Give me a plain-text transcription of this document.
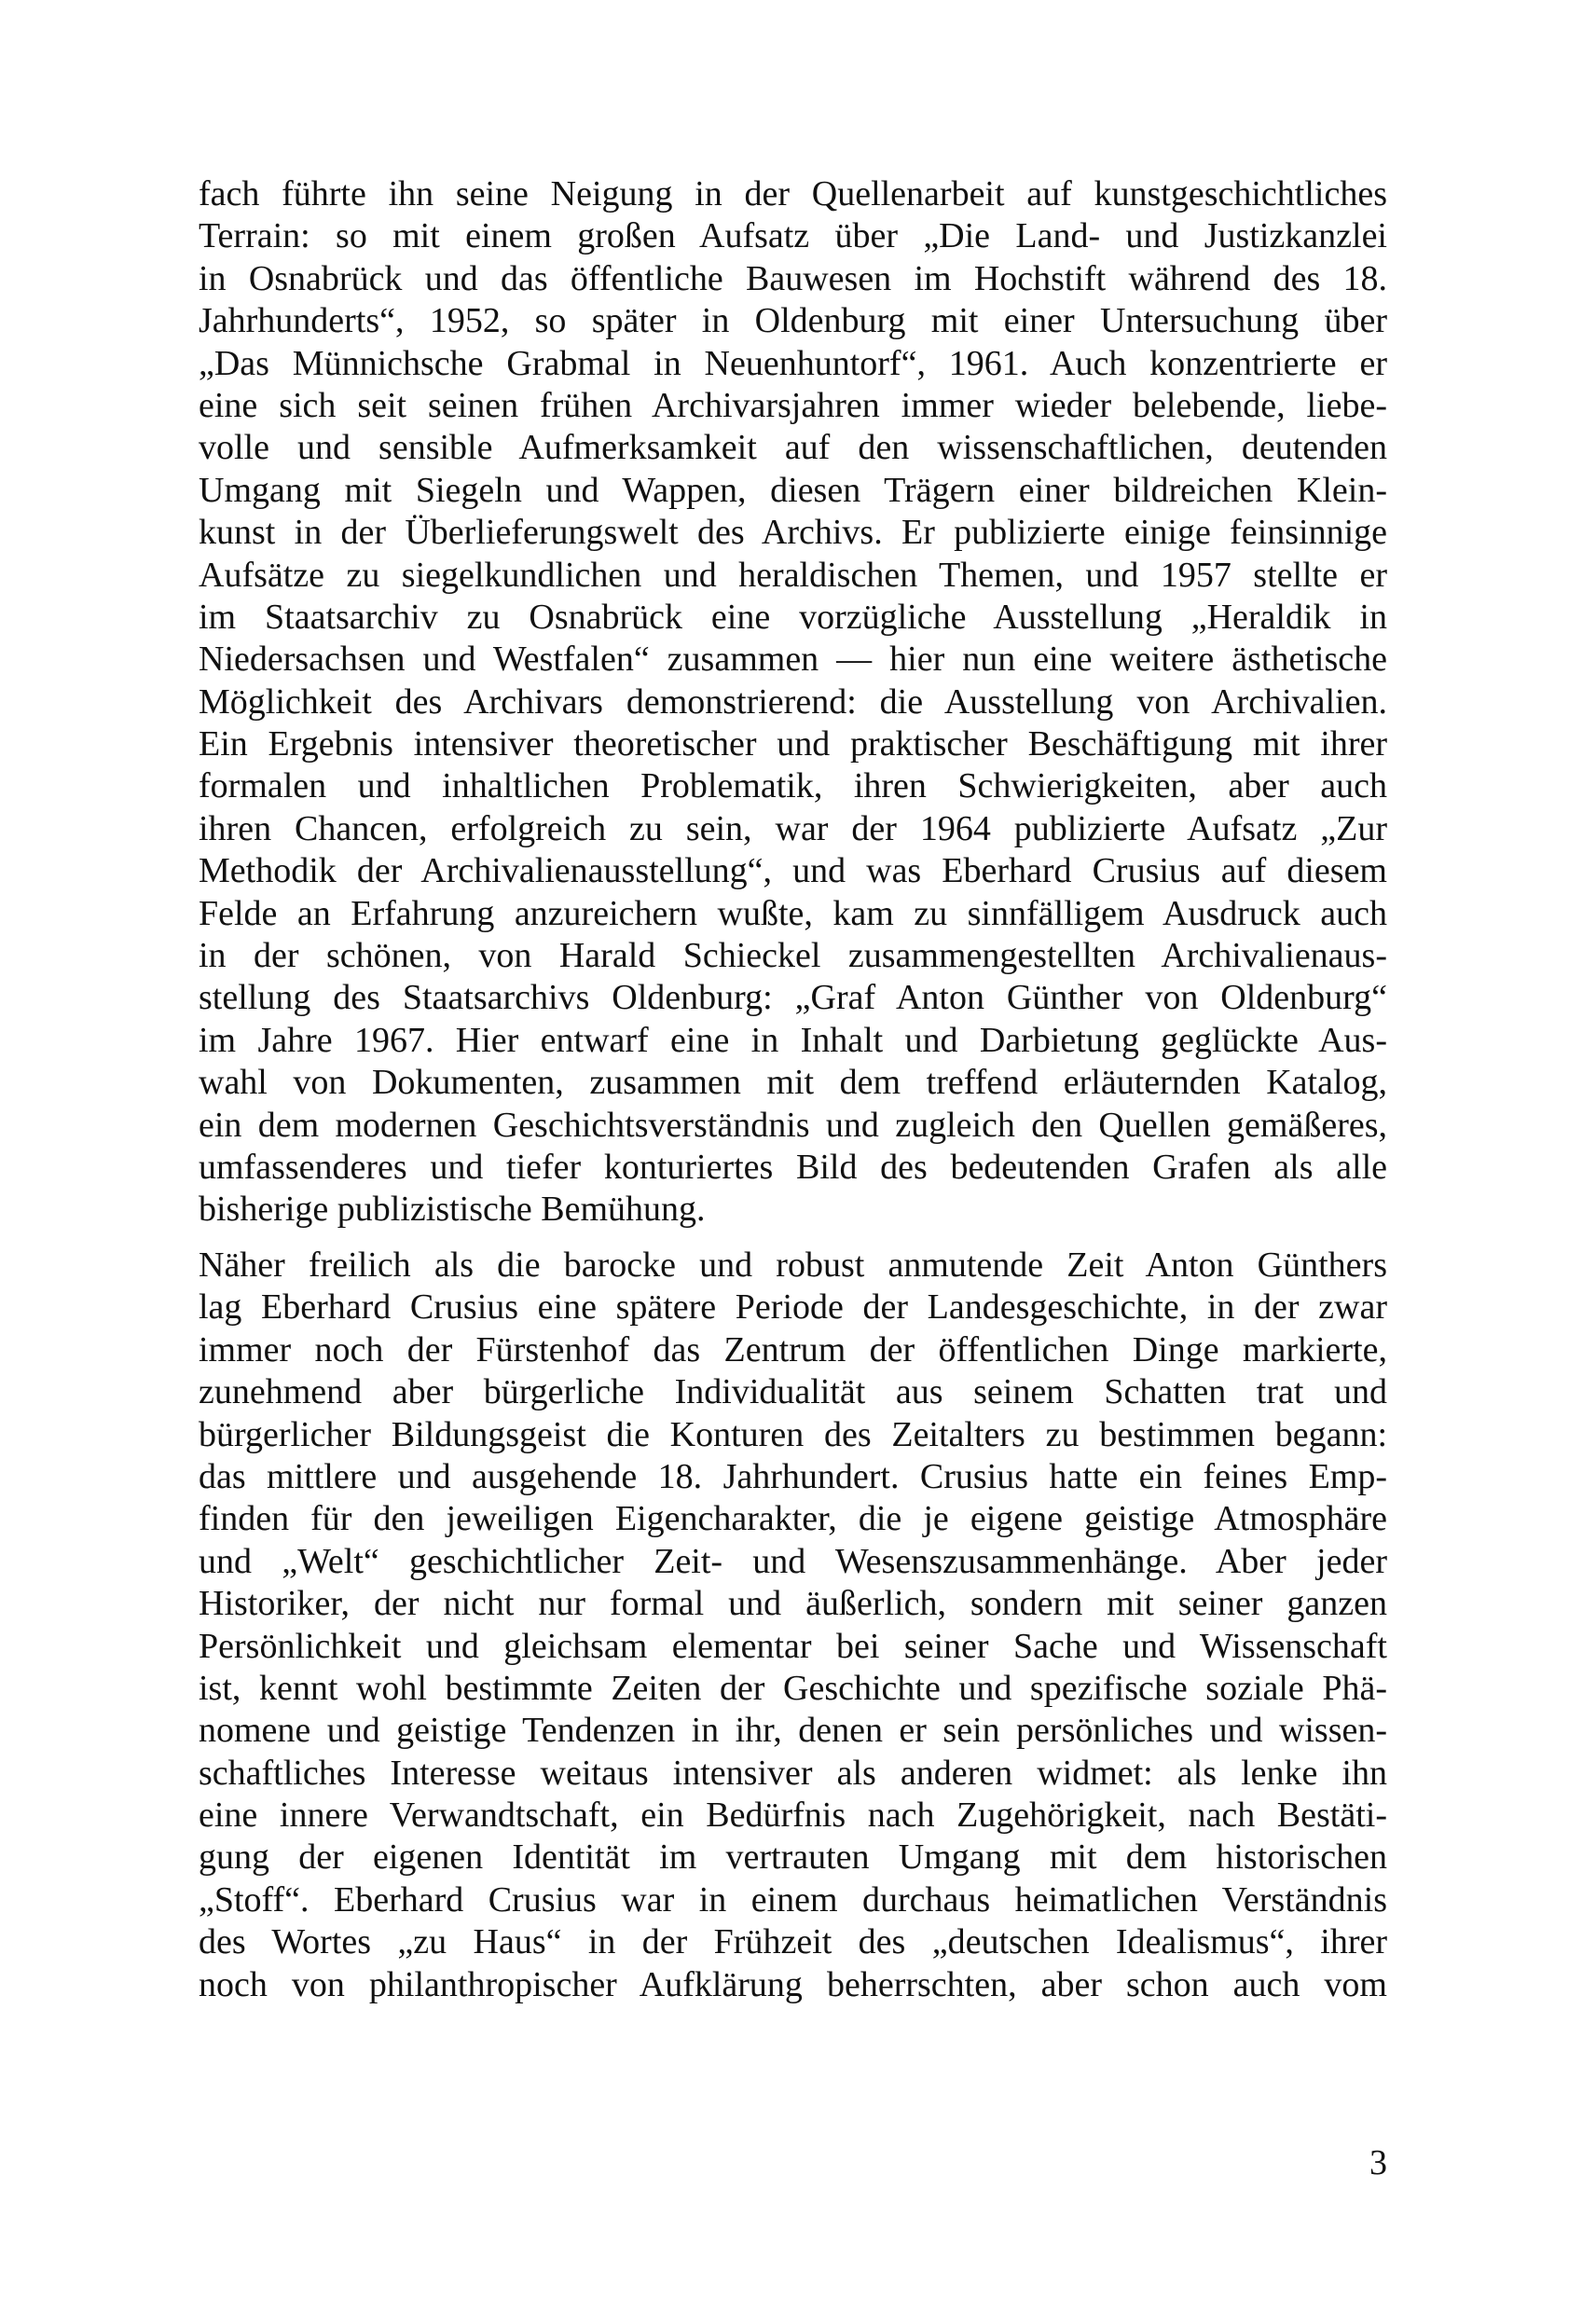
fach führte ihn seine Neigung in der Quellenarbeit auf kunstgeschichtliches
Terrain: so mit einem großen Aufsatz über „Die Land- und Justizkanzlei
in Osnabrück und das öffentliche Bauwesen im Hochstift während des 18.
Jahrhunderts“, 1952, so später in Oldenburg mit einer Untersuchung über
„Das Münnichsche Grabmal in Neuenhuntorf“, 1961. Auch konzentrierte er
eine sich seit seinen frühen Archivarsjahren immer wieder belebende, liebe-
volle und sensible Aufmerksamkeit auf den wissenschaftlichen, deutenden
Umgang mit Siegeln und Wappen, diesen Trägern einer bildreichen Klein-
kunst in der Überlieferungswelt des Archivs. Er publizierte einige feinsinnige
Aufsätze zu siegelkundlichen und heraldischen Themen, und 1957 stellte er
im Staatsarchiv zu Osnabrück eine vorzügliche Ausstellung „Heraldik in
Niedersachsen und Westfalen“ zusammen — hier nun eine weitere ästhetische
Möglichkeit des Archivars demonstrierend: die Ausstellung von Archivalien.
Ein Ergebnis intensiver theoretischer und praktischer Beschäftigung mit ihrer
formalen und inhaltlichen Problematik, ihren Schwierigkeiten, aber auch
ihren Chancen, erfolgreich zu sein, war der 1964 publizierte Aufsatz „Zur
Methodik der Archivalienausstellung“, und was Eberhard Crusius auf diesem
Felde an Erfahrung anzureichern wußte, kam zu sinnfälligem Ausdruck auch
in der schönen, von Harald Schieckel zusammengestellten Archivalienaus-
stellung des Staatsarchivs Oldenburg: „Graf Anton Günther von Oldenburg“
im Jahre 1967. Hier entwarf eine in Inhalt und Darbietung geglückte Aus-
wahl von Dokumenten, zusammen mit dem treffend erläuternden Katalog,
ein dem modernen Geschichtsverständnis und zugleich den Quellen gemäßeres,
umfassenderes und tiefer konturiertes Bild des bedeutenden Grafen als alle
bisherige publizistische Bemühung.
Näher freilich als die barocke und robust anmutende Zeit Anton Günthers
lag Eberhard Crusius eine spätere Periode der Landesgeschichte, in der zwar
immer noch der Fürstenhof das Zentrum der öffentlichen Dinge markierte,
zunehmend aber bürgerliche Individualität aus seinem Schatten trat und
bürgerlicher Bildungsgeist die Konturen des Zeitalters zu bestimmen begann:
das mittlere und ausgehende 18. Jahrhundert. Crusius hatte ein feines Emp-
finden für den jeweiligen Eigencharakter, die je eigene geistige Atmosphäre
und „Welt“ geschichtlicher Zeit- und Wesenszusammenhänge. Aber jeder
Historiker, der nicht nur formal und äußerlich, sondern mit seiner ganzen
Persönlichkeit und gleichsam elementar bei seiner Sache und Wissenschaft
ist, kennt wohl bestimmte Zeiten der Geschichte und spezifische soziale Phä-
nomene und geistige Tendenzen in ihr, denen er sein persönliches und wissen-
schaftliches Interesse weitaus intensiver als anderen widmet: als lenke ihn
eine innere Verwandtschaft, ein Bedürfnis nach Zugehörigkeit, nach Bestäti-
gung der eigenen Identität im vertrauten Umgang mit dem historischen
„Stoff“. Eberhard Crusius war in einem durchaus heimatlichen Verständnis
des Wortes „zu Haus“ in der Frühzeit des „deutschen Idealismus“, ihrer
noch von philanthropischer Aufklärung beherrschten, aber schon auch vom
3
